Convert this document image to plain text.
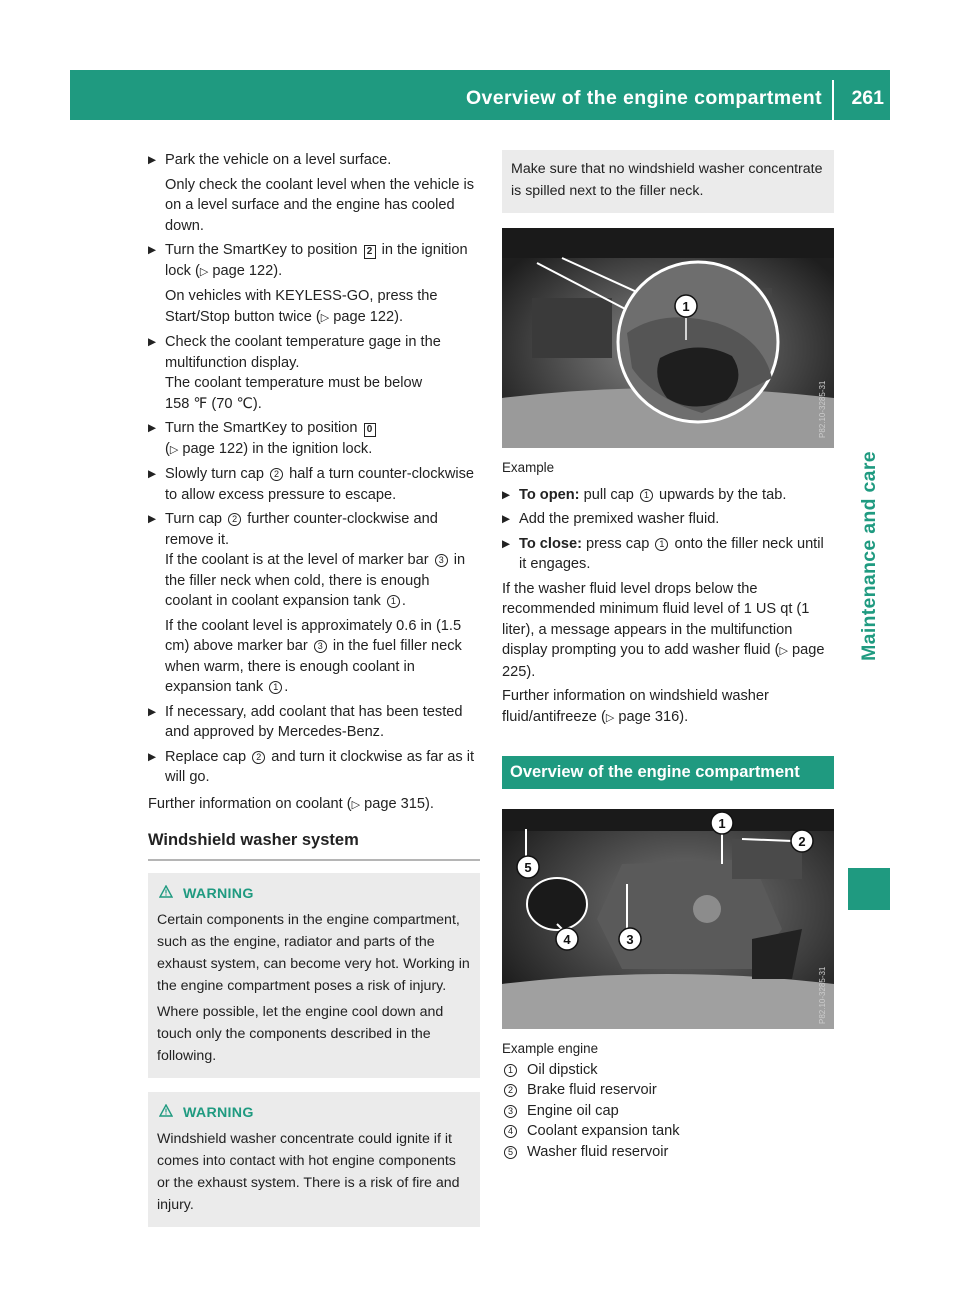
Overview of the engine compartment 261
Maintenance and care
▶ Park the vehicle on a level surface.
Only check the coolant level when the vehicle is on a level surface and the engine has cooled down.
▶ Turn the SmartKey to position 2 in the ignition lock (▷ page 122).
On vehicles with KEYLESS-GO, press the Start/Stop button twice (▷ page 122).
▶ Check the coolant temperature gage in the multifunction display.
The coolant temperature must be below
158 ℉ (70 ℃).
▶ Turn the SmartKey to position 0
(▷ page 122) in the ignition lock.
▶ Slowly turn cap 2 half a turn counter-clockwise to allow excess pressure to escape.
▶ Turn cap 2 further counter-clockwise and remove it.
If the coolant is at the level of marker bar 3 in the filler neck when cold, there is enough coolant in coolant expansion tank 1 .
If the coolant level is approximately 0.6 in (1.5 cm) above marker bar 3 in the fuel filler neck when warm, there is enough coolant in expansion tank 1 .
▶ If necessary, add coolant that has been tested and approved by Mercedes-Benz.
▶ Replace cap 2 and turn it clockwise as far as it will go.
Further information on coolant (▷ page 315).
Windshield washer system
WARNING

Certain components in the engine compartment, such as the engine, radiator and parts of the exhaust system, can become very hot. Working in the engine compartment poses a risk of injury.

Where possible, let the engine cool down and touch only the components described in the following.

WARNING

Windshield washer concentrate could ignite if it comes into contact with hot engine components or the exhaust system. There is a risk of fire and injury.

Make sure that no windshield washer concentrate is spilled next to the filler neck.

1
P82.10-3285-31
Example
▶ To open: pull cap 1 upwards by the tab.
▶ Add the premixed washer fluid.
▶ To close: press cap 1 onto the filler neck until it engages.
If the washer fluid level drops below the recommended minimum fluid level of 1 US qt (1 liter), a message appears in the multifunction display prompting you to add washer fluid (▷ page 225).
Further information on windshield washer fluid/antifreeze (▷ page 316).
Overview of the engine compartment
1
2
3
4
5
P82.10-3285-31
Example engine
1 Oil dipstick
2 Brake fluid reservoir
3 Engine oil cap
4 Coolant expansion tank
5 Washer fluid reservoir
